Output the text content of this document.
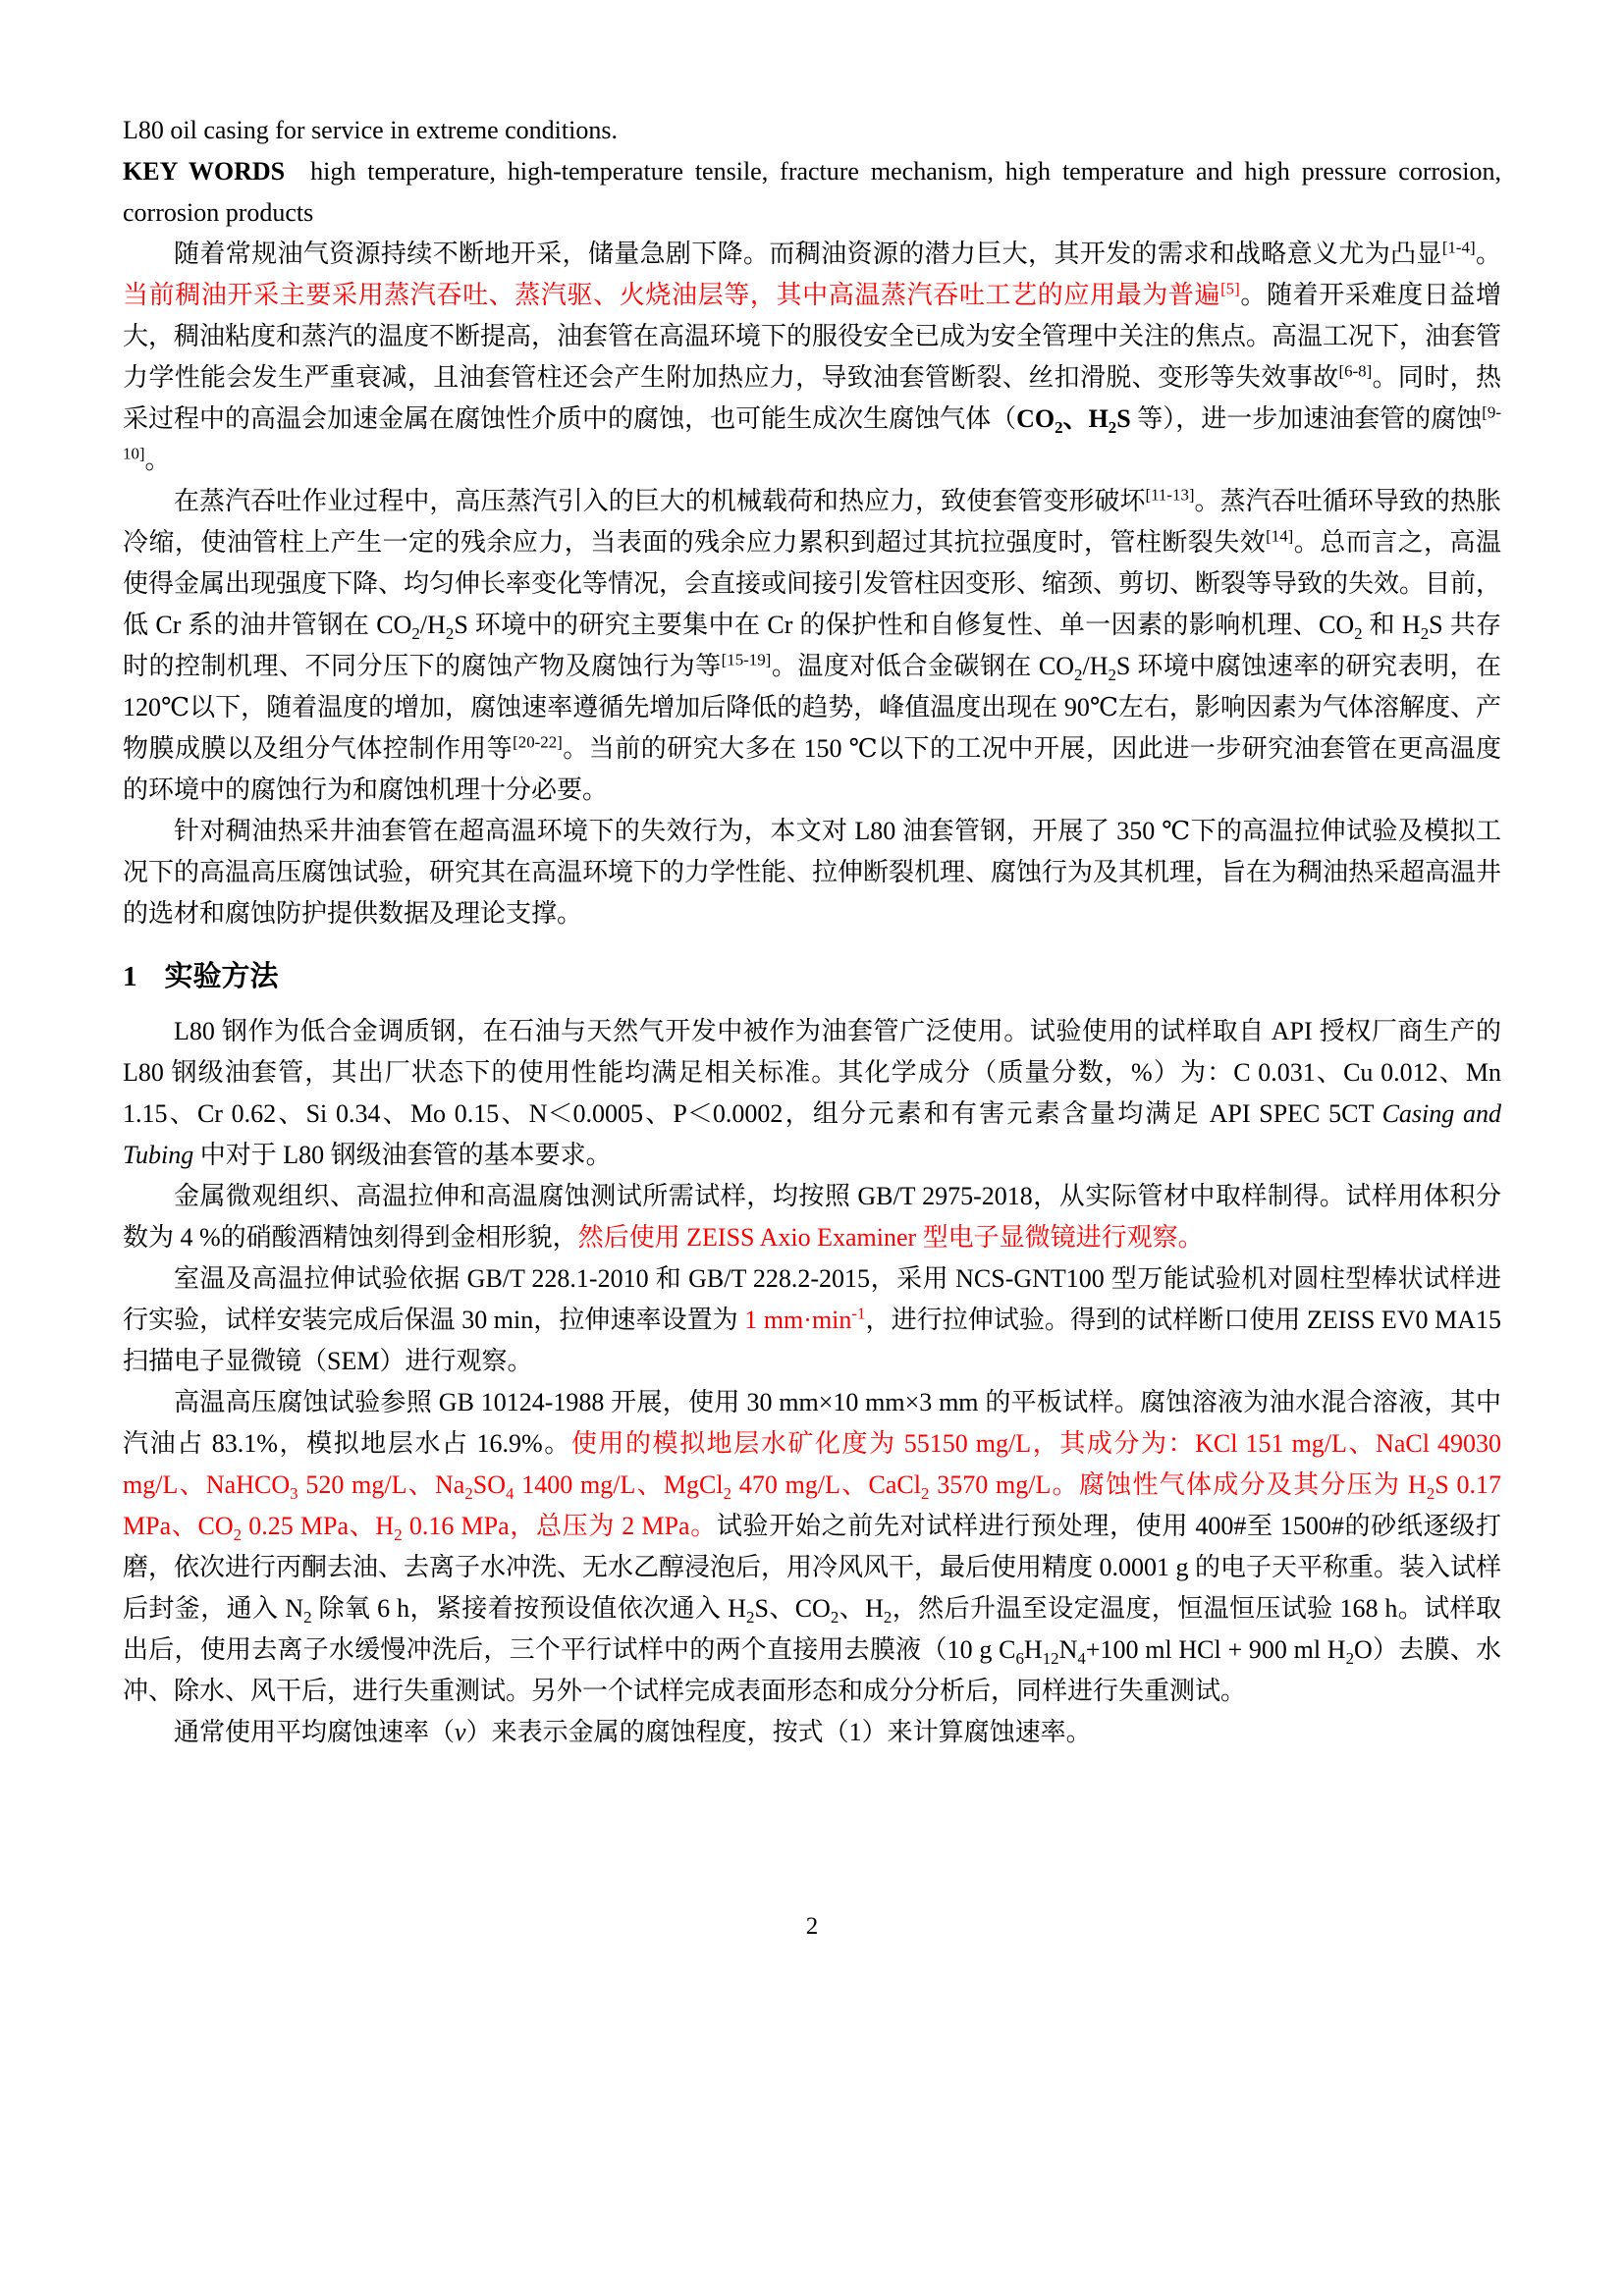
L80 oil casing for service in extreme conditions.

KEY WORDS high temperature, high-temperature tensile, fracture mechanism, high temperature and high pressure corrosion, corrosion products

随着常规油气资源持续不断地开采，储量急剧下降。而稠油资源的潜力巨大，其开发的需求和战略意义尤为凸显[1-4]。当前稠油开采主要采用蒸汽吞吐、蒸汽驱、火烧油层等，其中高温蒸汽吞吐工艺的应用最为普遍[5]。随着开采难度日益增大，稠油粘度和蒸汽的温度不断提高，油套管在高温环境下的服役安全已成为安全管理中关注的焦点。高温工况下，油套管力学性能会发生严重衰减，且油套管柱还会产生附加热应力，导致油套管断裂、丝扣滑脱、变形等失效事故[6-8]。同时，热采过程中的高温会加速金属在腐蚀性介质中的腐蚀，也可能生成次生腐蚀气体（$CO_2$、$H_2S$ 等），进一步加速油套管的腐蚀[9-10]。

在蒸汽吞吐作业过程中，高压蒸汽引入的巨大的机械载荷和热应力，致使套管变形破坏[11-13]。蒸汽吞吐循环导致的热胀冷缩，使油管柱上产生一定的残余应力，当表面的残余应力累积到超过其抗拉强度时，管柱断裂失效[14]。总而言之，高温使得金属出现强度下降、均匀伸长率变化等情况，会直接或间接引发管柱因变形、缩颈、剪切、断裂等导致的失效。目前，低 Cr 系的油井管钢在 $CO_2/H_2S$ 环境中的研究主要集中在 Cr 的保护性和自修复性、单一因素的影响机理、$CO_2$ 和 $H_2S$ 共存时的控制机理、不同分压下的腐蚀产物及腐蚀行为等[15-19]。温度对低合金碳钢在 $CO_2/H_2S$ 环境中腐蚀速率的研究表明，在 120℃以下，随着温度的增加，腐蚀速率遵循先增加后降低的趋势，峰值温度出现在 90℃左右，影响因素为气体溶解度、产物膜成膜以及组分气体控制作用等[20-22]。当前的研究大多在 150 ℃以下的工况中开展，因此进一步研究油套管在更高温度的环境中的腐蚀行为和腐蚀机理十分必要。

针对稠油热采井油套管在超高温环境下的失效行为，本文对 L80 油套管钢，开展了 350 ℃下的高温拉伸试验及模拟工况下的高温高压腐蚀试验，研究其在高温环境下的力学性能、拉伸断裂机理、腐蚀行为及其机理，旨在为稠油热采超高温井的选材和腐蚀防护提供数据及理论支撑。

1 实验方法

L80 钢作为低合金调质钢，在石油与天然气开发中被作为油套管广泛使用。试验使用的试样取自 API 授权厂商生产的 L80 钢级油套管，其出厂状态下的使用性能均满足相关标准。其化学成分（质量分数，%）为：C 0.031、Cu 0.012、Mn 1.15、Cr 0.62、Si 0.34、Mo 0.15、N＜0.0005、P＜0.0002，组分元素和有害元素含量均满足 API SPEC 5CT Casing and Tubing 中对于 L80 钢级油套管的基本要求。

金属微观组织、高温拉伸和高温腐蚀测试所需试样，均按照 GB/T 2975-2018，从实际管材中取样制得。试样用体积分数为 4 %的硝酸酒精蚀刻得到金相形貌，然后使用 ZEISS Axio Examiner 型电子显微镜进行观察。

室温及高温拉伸试验依据 GB/T 228.1-2010 和 GB/T 228.2-2015，采用 NCS-GNT100 型万能试验机对圆柱型棒状试样进行实验，试样安装完成后保温 30 min，拉伸速率设置为 1 $mm\cdot\min^{-1}$，进行拉伸试验。得到的试样断口使用 ZEISS EV0 MA15 扫描电子显微镜（SEM）进行观察。

高温高压腐蚀试验参照 GB 10124-1988 开展，使用 30 mm×10 mm×3 mm 的平板试样。腐蚀溶液为油水混合溶液，其中汽油占 83.1%，模拟地层水占 16.9%。使用的模拟地层水矿化度为 55150 mg/L，其成分为：KCl 151 mg/L、NaCl 49030 mg/L、NaHCO$_3$ 520 mg/L、$Na_2SO_4$ 1400 mg/L、MgCl$_2$ 470 mg/L、CaCl$_2$ 3570 mg/L。腐蚀性气体成分及其分压为 $H_2S$ 0.17 MPa、$CO_2$ 0.25 MPa、$H_2$ 0.16 MPa，总压为 2 MPa。试验开始之前先对试样进行预处理，使用 400#至 1500#的砂纸逐级打磨，依次进行丙酮去油、去离子水冲洗、无水乙醇浸泡后，用冷风风干，最后使用精度 0.0001 g 的电子天平称重。装入试样后封釜，通入 $N_2$ 除氧 6 h，紧接着按预设值依次通入 $H_2S$、$CO_2$、$H_2$，然后升温至设定温度，恒温恒压试验 168 h。试样取出后，使用去离子水缓慢冲洗后，三个平行试样中的两个直接用去膜液（10 g $C_6H_{12}N_4+100$ ml HCl + 900 ml $H_2O$）去膜、水冲、除水、风干后，进行失重测试。另外一个试样完成表面形态和成分分析后，同样进行失重测试。

通常使用平均腐蚀速率（v）来表示金属的腐蚀程度，按式（1）来计算腐蚀速率。

2
